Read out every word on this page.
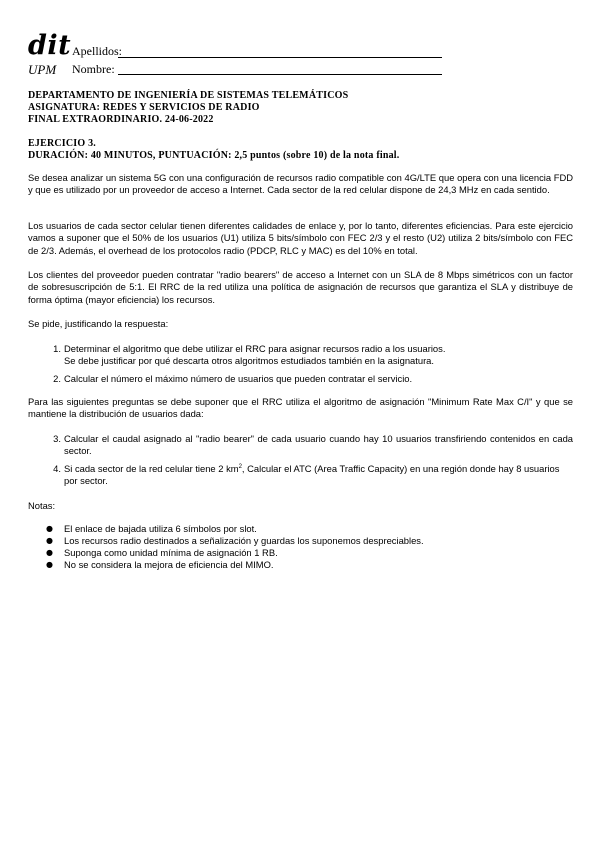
dit
UPM
Apellidos:
Nombre:
DEPARTAMENTO DE INGENIERÍA DE SISTEMAS TELEMÁTICOS
ASIGNATURA: REDES Y SERVICIOS DE RADIO
FINAL EXTRAORDINARIO. 24-06-2022
EJERCICIO 3.
DURACIÓN: 40 MINUTOS, PUNTUACIÓN: 2,5 puntos (sobre 10) de la nota final.
Se desea analizar un sistema 5G con una configuración de recursos radio compatible con 4G/LTE que opera con una licencia FDD y que es utilizado por un proveedor de acceso a Internet. Cada sector de la red celular dispone de 24,3 MHz en cada sentido.
Los usuarios de cada sector celular tienen diferentes calidades de enlace y, por lo tanto, diferentes eficiencias. Para este ejercicio vamos a suponer que el 50% de los usuarios (U1) utiliza 5 bits/símbolo con FEC 2/3 y el resto (U2) utiliza 2 bits/símbolo con FEC de 2/3. Además, el overhead de los protocolos radio (PDCP, RLC y MAC) es del 10% en total.
Los clientes del proveedor pueden contratar "radio bearers" de acceso a Internet con un SLA de 8 Mbps simétricos con un factor de sobresuscripción de 5:1. El RRC de la red utiliza una política de asignación de recursos que garantiza el SLA y distribuye de forma óptima (mayor eficiencia) los recursos.
Se pide, justificando la respuesta:
1. Determinar el algoritmo que debe utilizar el RRC para asignar recursos radio a los usuarios.
Se debe justificar por qué descarta otros algoritmos estudiados también en la asignatura.
2. Calcular el número el máximo número de usuarios que pueden contratar el servicio.
Para las siguientes preguntas se debe suponer que el RRC utiliza el algoritmo de asignación "Minimum Rate Max C/I" y que se mantiene la distribución de usuarios dada:
3. Calcular el caudal asignado al "radio bearer" de cada usuario cuando hay 10 usuarios transfiriendo contenidos en cada sector.
4. Si cada sector de la red celular tiene 2 $km^2$, Calcular el ATC (Area Traffic Capacity) en una región donde hay 8 usuarios por sector.
Notas:
● El enlace de bajada utiliza 6 símbolos por slot.
● Los recursos radio destinados a señalización y guardas los suponemos despreciables.
● Suponga como unidad mínima de asignación 1 RB.
● No se considera la mejora de eficiencia del MIMO.
